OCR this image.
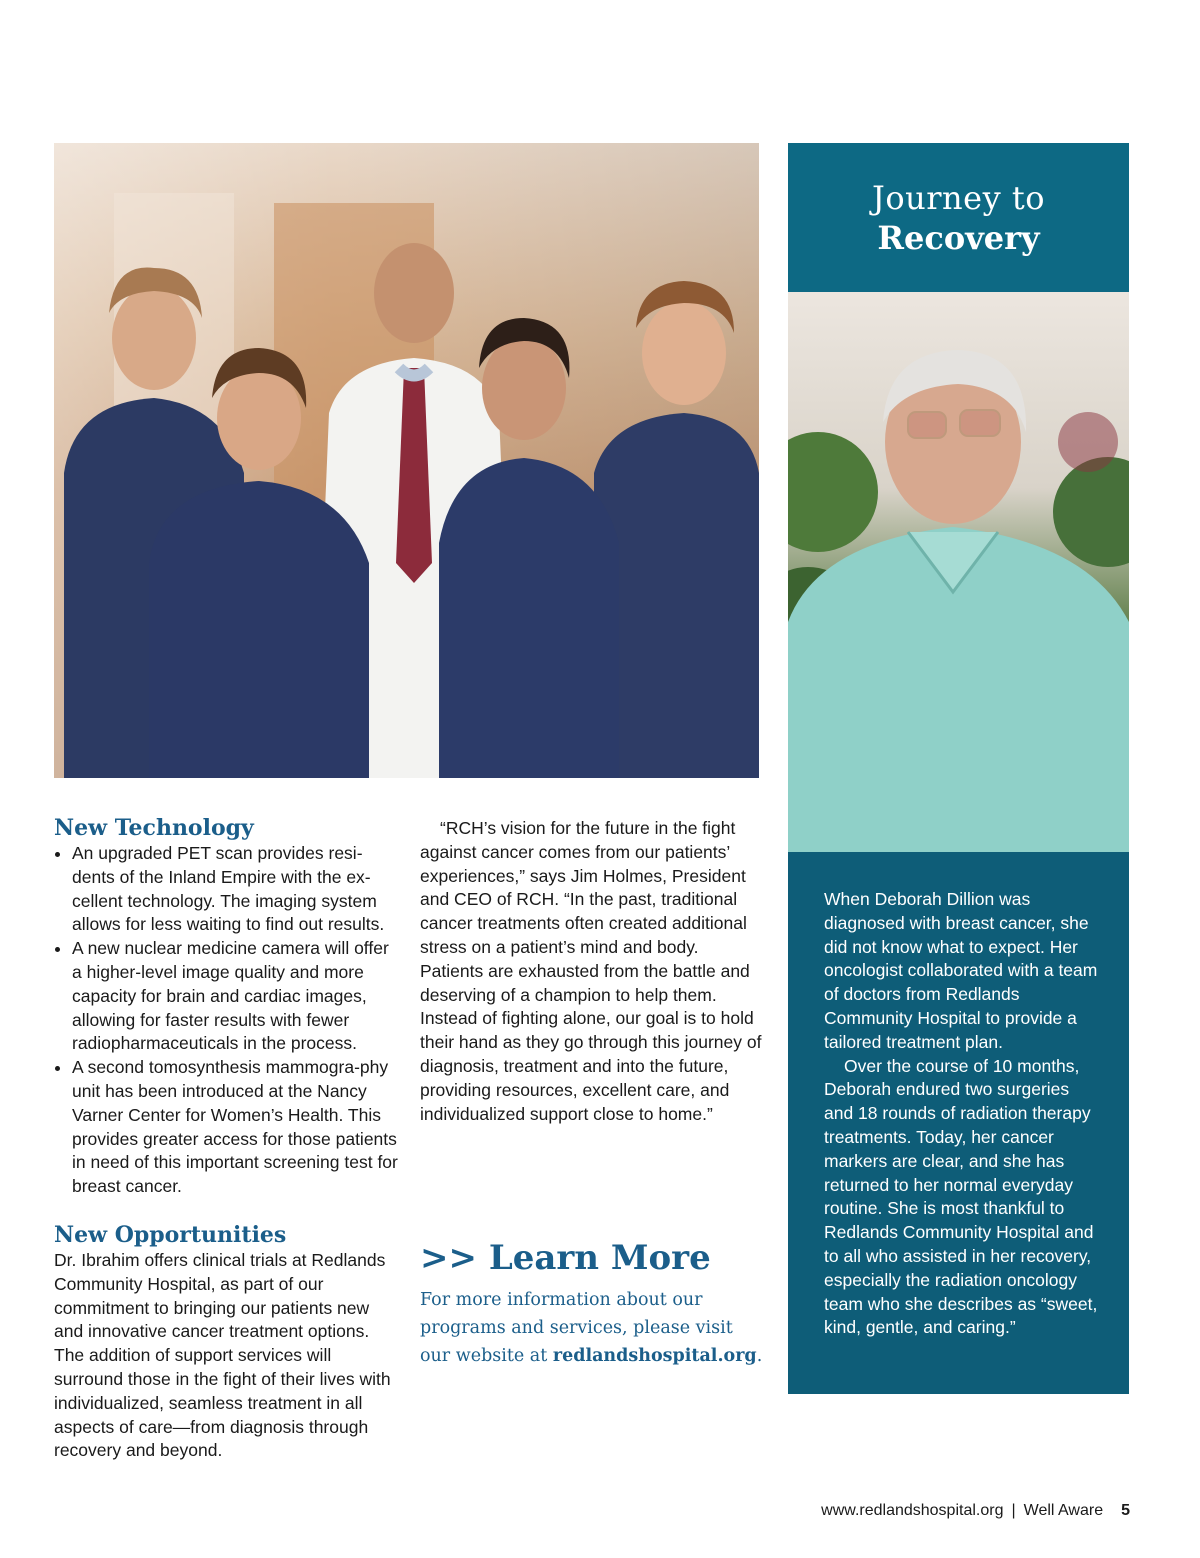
Journey to
Recovery

When Deborah Dillion was diagnosed with breast cancer, she did not know what to expect. Her oncologist collaborated with a team of doctors from Redlands Community Hospital to provide a tailored treatment plan.

Over the course of 10 months, Deborah endured two surgeries and 18 rounds of radiation therapy treatments. Today, her cancer markers are clear, and she has returned to her normal everyday routine. She is most thankful to Redlands Community Hospital and to all who assisted in her recovery, especially the radiation oncology team who she describes as “sweet, kind, gentle, and caring.”

New Technology
• An upgraded PET scan provides resi-dents of the Inland Empire with the ex-cellent technology. The imaging system allows for less waiting to find out results.
• A new nuclear medicine camera will offer a higher-level image quality and more capacity for brain and cardiac images, allowing for faster results with fewer radiopharmaceuticals in the process.
• A second tomosynthesis mammogra-phy unit has been introduced at the Nancy Varner Center for Women’s Health. This provides greater access for those patients in need of this important screening test for breast cancer.
New Opportunities

Dr. Ibrahim offers clinical trials at Redlands Community Hospital, as part of our commitment to bringing our patients new and innovative cancer treatment options. The addition of support services will surround those in the fight of their lives with individualized, seamless treatment in all aspects of care—from diagnosis through recovery and beyond.

“RCH’s vision for the future in the fight against cancer comes from our patients’ experiences,” says Jim Holmes, President and CEO of RCH. “In the past, traditional cancer treatments often created additional stress on a patient’s mind and body. Patients are exhausted from the battle and deserving of a champion to help them. Instead of fighting alone, our goal is to hold their hand as they go through this journey of diagnosis, treatment and into the future, providing resources, excellent care, and individualized support close to home.”

>> Learn More
For more information about our programs and services, please visit our website at redlandshospital.org.
www.redlandshospital.org | Well Aware 5
